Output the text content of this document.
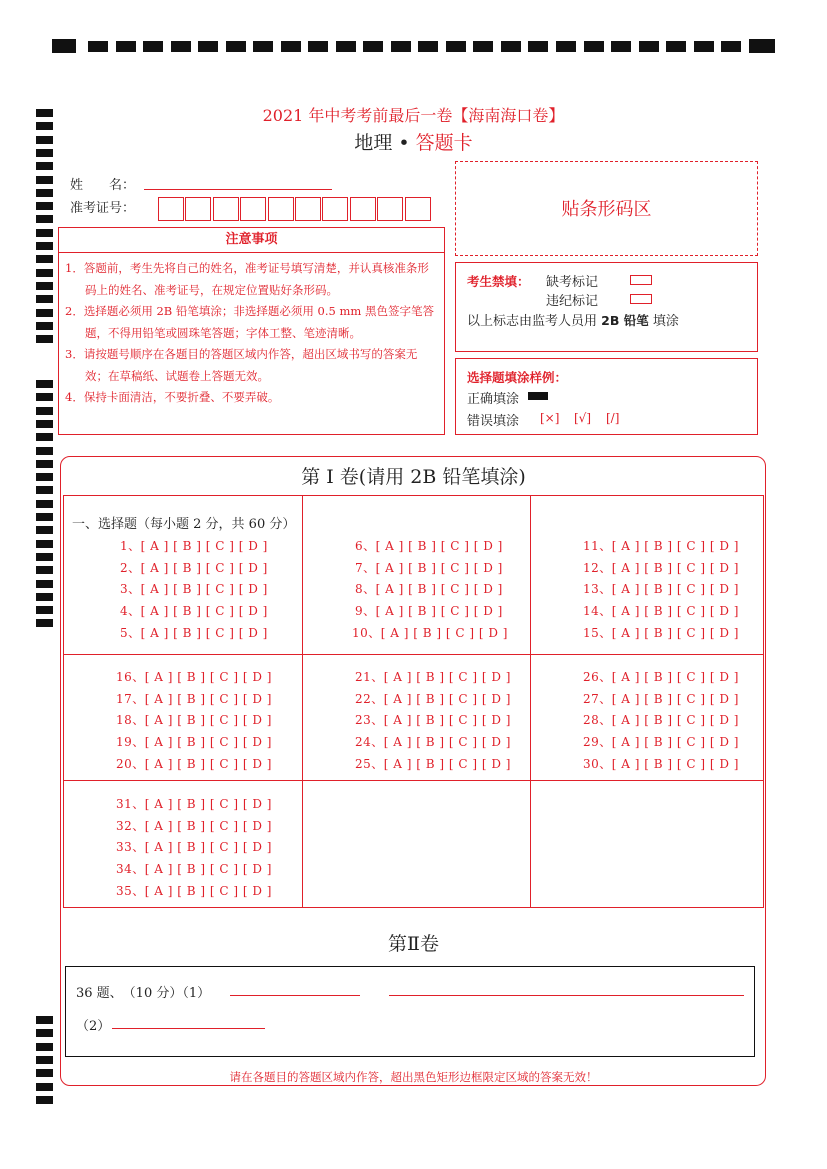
2021 年中考考前最后一卷【海南海口卷】
地理 • 答题卡
姓　　名：
准考证号：	贴条形码区
注意事项

1．答题前，考生先将自己的姓名，准考证号填写清楚，并认真核准条形码上的姓名、准考证号，在规定位置贴好条形码。

2．选择题必须用 2B 铅笔填涂；非选择题必须用 0.5 mm 黑色签字笔答题，不得用铅笔或圆珠笔答题；字体工整、笔迹清晰。

3．请按题号顺序在各题目的答题区域内作答，超出区域书写的答案无效；在草稿纸、试题卷上答题无效。

4．保持卡面清洁，不要折叠、不要弄破。

考生禁填： 缺考标记
违纪标记
以上标志由监考人员用 2B 铅笔 填涂
选择题填涂样例：
正确填涂
错误填涂 [×] [√] [/]
第 I 卷(请用 2B 铅笔填涂)
一、选择题（每小题 2 分，共 60 分）
1、[ A ] [ B ] [ C ] [ D ]
2、[ A ] [ B ] [ C ] [ D ]
3、[ A ] [ B ] [ C ] [ D ]
4、[ A ] [ B ] [ C ] [ D ]
5、[ A ] [ B ] [ C ] [ D ]
6、[ A ] [ B ] [ C ] [ D ]
7、[ A ] [ B ] [ C ] [ D ]
8、[ A ] [ B ] [ C ] [ D ]
9、[ A ] [ B ] [ C ] [ D ]
10、[ A ] [ B ] [ C ] [ D ]
11、[ A ] [ B ] [ C ] [ D ]
12、[ A ] [ B ] [ C ] [ D ]
13、[ A ] [ B ] [ C ] [ D ]
14、[ A ] [ B ] [ C ] [ D ]
15、[ A ] [ B ] [ C ] [ D ]
16、[ A ] [ B ] [ C ] [ D ]
17、[ A ] [ B ] [ C ] [ D ]
18、[ A ] [ B ] [ C ] [ D ]
19、[ A ] [ B ] [ C ] [ D ]
20、[ A ] [ B ] [ C ] [ D ]
21、[ A ] [ B ] [ C ] [ D ]
22、[ A ] [ B ] [ C ] [ D ]
23、[ A ] [ B ] [ C ] [ D ]
24、[ A ] [ B ] [ C ] [ D ]
25、[ A ] [ B ] [ C ] [ D ]
26、[ A ] [ B ] [ C ] [ D ]
27、[ A ] [ B ] [ C ] [ D ]
28、[ A ] [ B ] [ C ] [ D ]
29、[ A ] [ B ] [ C ] [ D ]
30、[ A ] [ B ] [ C ] [ D ]
31、[ A ] [ B ] [ C ] [ D ]
32、[ A ] [ B ] [ C ] [ D ]
33、[ A ] [ B ] [ C ] [ D ]
34、[ A ] [ B ] [ C ] [ D ]
35、[ A ] [ B ] [ C ] [ D ]
第Ⅱ卷
36 题、　（10 分）（1）
（2）
请在各题目的答题区域内作答，超出黑色矩形边框限定区域的答案无效！
